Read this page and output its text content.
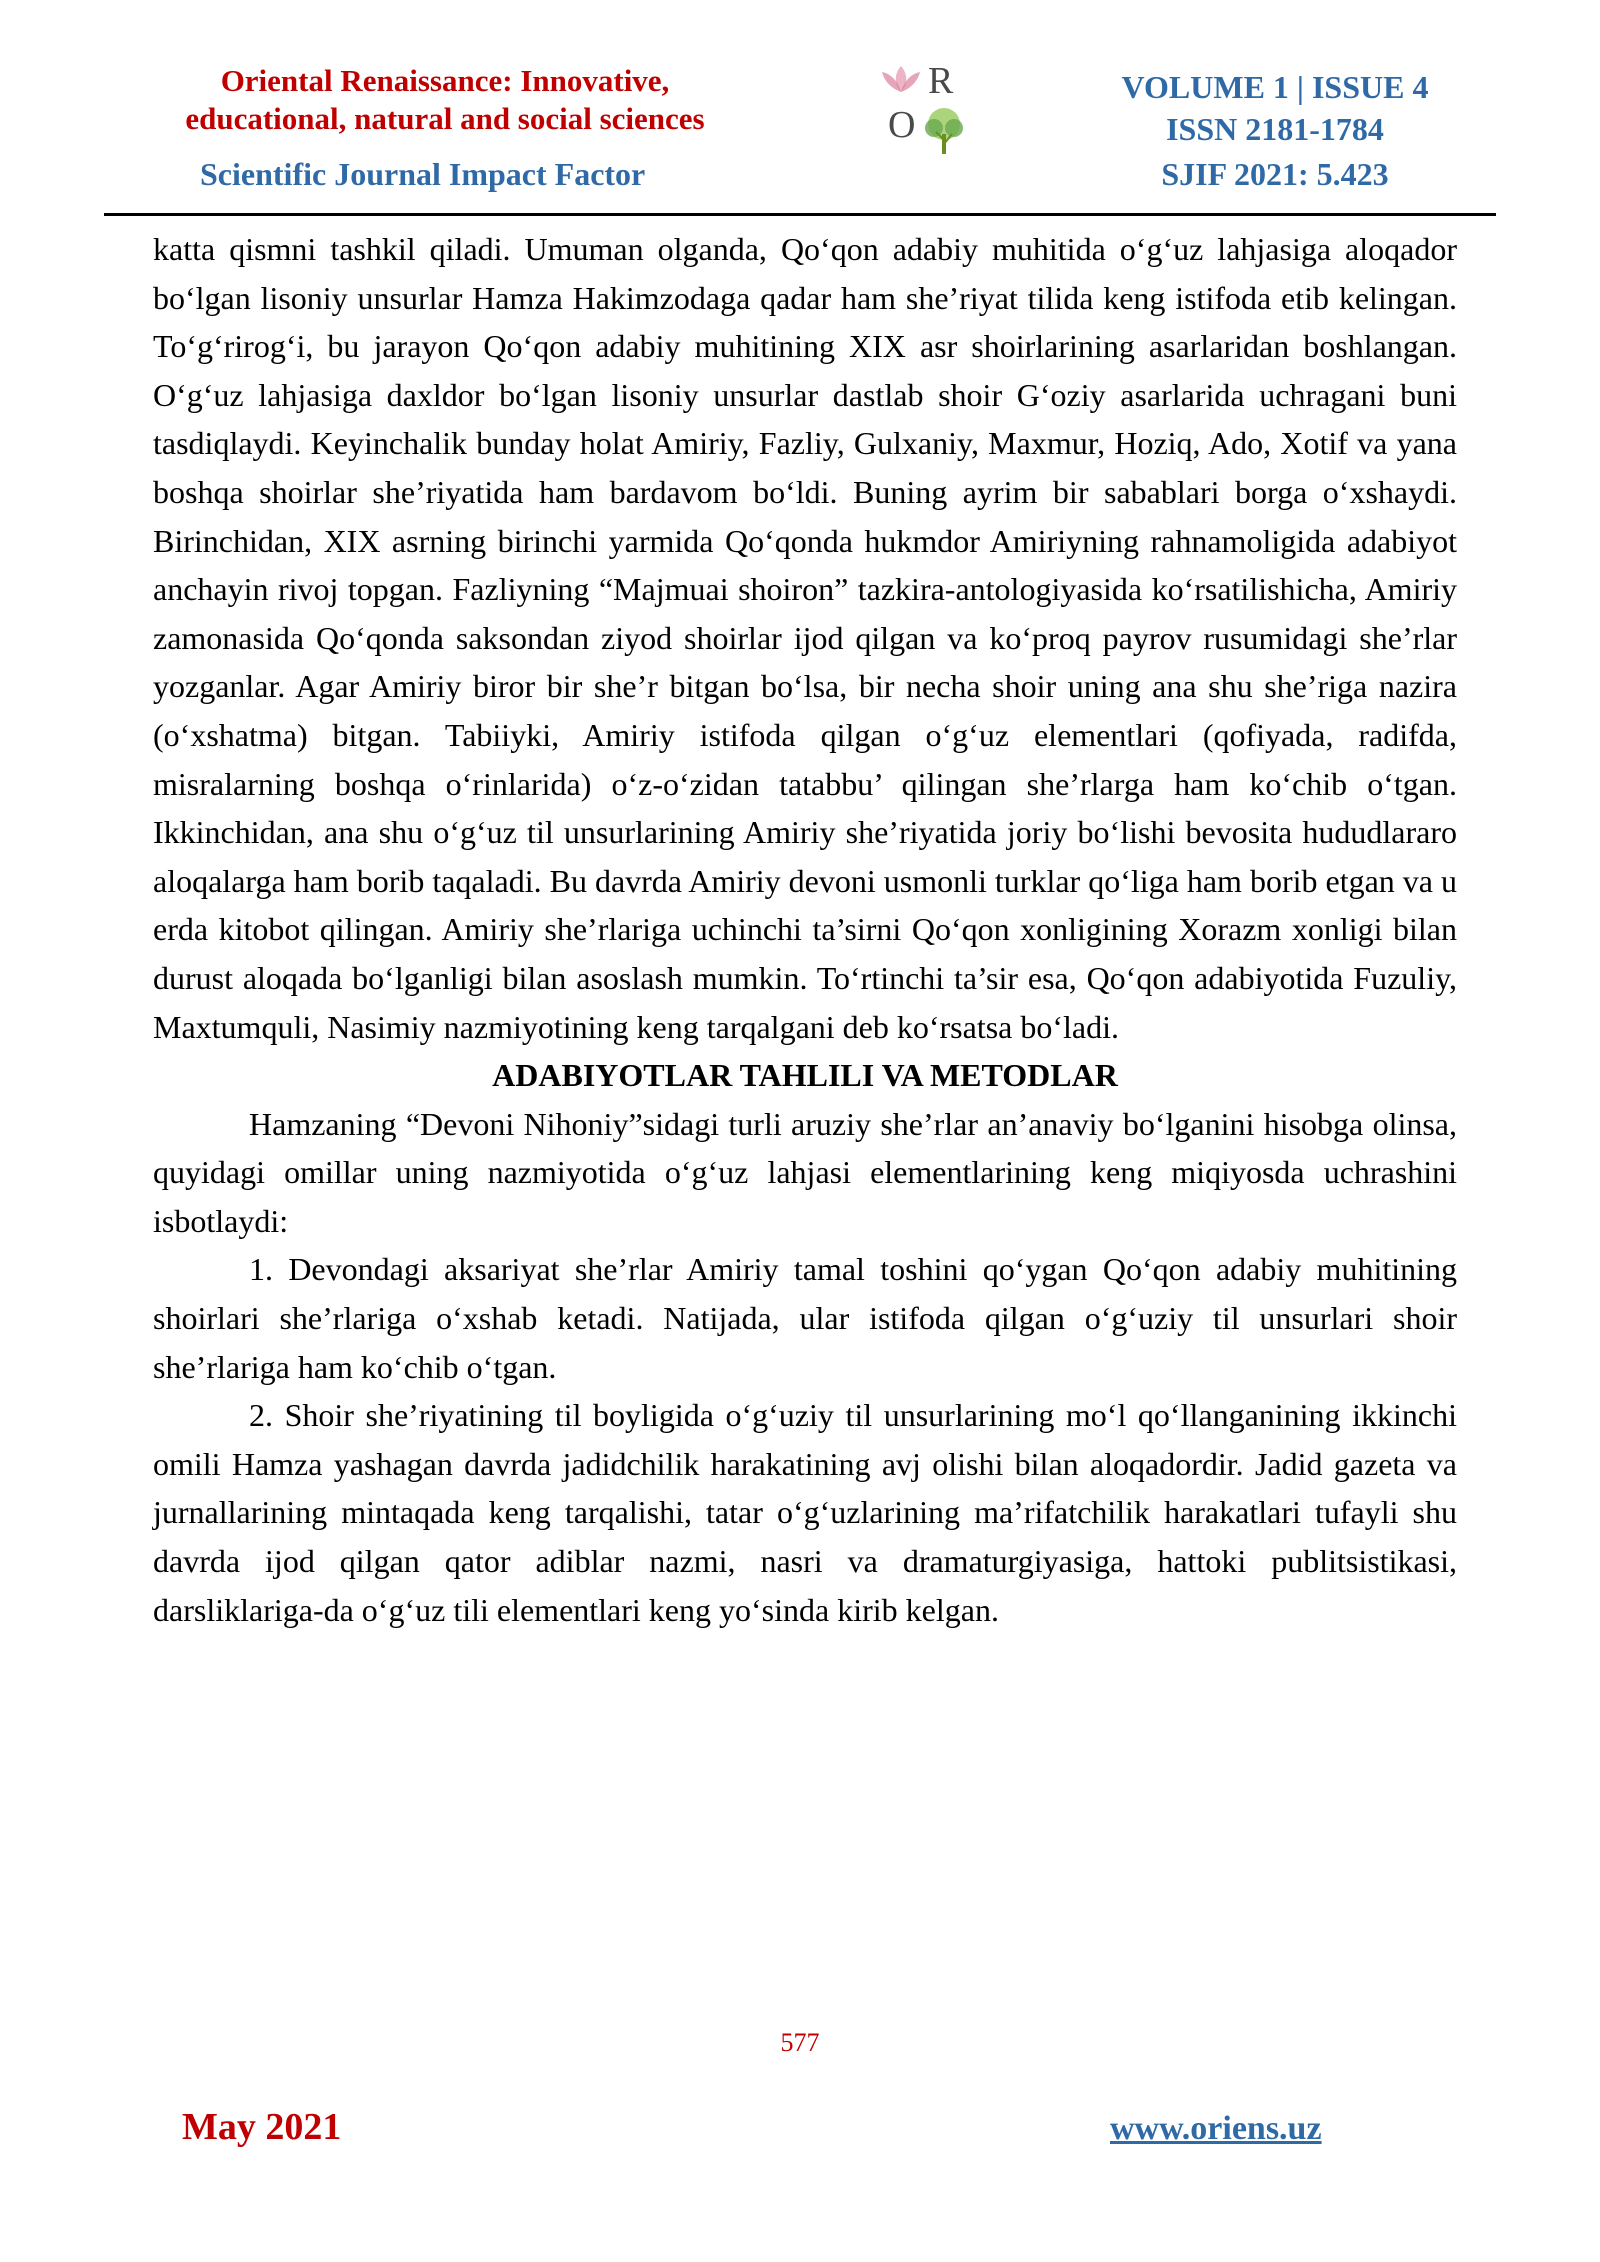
Oriental Renaissance: Innovative,
educational, natural and social sciences
Scientific Journal Impact Factor
R
O
VOLUME 1 | ISSUE 4
ISSN 2181-1784
SJIF 2021: 5.423

katta qismni tashkil qiladi. Umuman olganda, Qo‘qon adabiy muhitida o‘g‘uz lahjasiga aloqador bo‘lgan lisoniy unsurlar Hamza Hakimzodaga qadar ham she’riyat tilida keng istifoda etib kelingan. To‘g‘rirog‘i, bu jarayon Qo‘qon adabiy muhitining XIX asr shoirlarining asarlaridan boshlangan. O‘g‘uz lahjasiga daxldor bo‘lgan lisoniy unsurlar dastlab shoir G‘oziy asarlarida uchragani buni tasdiqlaydi. Keyinchalik bunday holat Amiriy, Fazliy, Gulxaniy, Maxmur, Hoziq, Ado, Xotif va yana boshqa shoirlar she’riyatida ham bardavom bo‘ldi. Buning ayrim bir sabablari borga o‘xshaydi. Birinchidan, XIX asrning birinchi yarmida Qo‘qonda hukmdor Amiriyning rahnamoligida adabiyot anchayin rivoj topgan. Fazliyning “Majmuai shoiron” tazkira-antologiyasida ko‘rsatilishicha, Amiriy zamonasida Qo‘qonda saksondan ziyod shoirlar ijod qilgan va ko‘proq payrov rusumidagi she’rlar yozganlar. Agar Amiriy biror bir she’r bitgan bo‘lsa, bir necha shoir uning ana shu she’riga nazira (o‘xshatma) bitgan. Tabiiyki, Amiriy istifoda qilgan o‘g‘uz elementlari (qofiyada, radifda, misralarning boshqa o‘rinlarida) o‘z-o‘zidan tatabbu’ qilingan she’rlarga ham ko‘chib o‘tgan. Ikkinchidan, ana shu o‘g‘uz til unsurlarining Amiriy she’riyatida joriy bo‘lishi bevosita hududlararo aloqalarga ham borib taqaladi. Bu davrda Amiriy devoni usmonli turklar qo‘liga ham borib etgan va u erda kitobot qilingan. Amiriy she’rlariga uchinchi ta’sirni Qo‘qon xonligining Xorazm xonligi bilan durust aloqada bo‘lganligi bilan asoslash mumkin. To‘rtinchi ta’sir esa, Qo‘qon adabiyotida Fuzuliy, Maxtumquli, Nasimiy nazmiyotining keng tarqalgani deb ko‘rsatsa bo‘ladi.

ADABIYOTLAR TAHLILI VA METODLAR

Hamzaning “Devoni Nihoniy”sidagi turli aruziy she’rlar an’anaviy bo‘lganini hisobga olinsa, quyidagi omillar uning nazmiyotida o‘g‘uz lahjasi elementlarining keng miqiyosda uchrashini isbotlaydi:

1. Devondagi aksariyat she’rlar Amiriy tamal toshini qo‘ygan Qo‘qon adabiy muhitining shoirlari she’rlariga o‘xshab ketadi. Natijada, ular istifoda qilgan o‘g‘uziy til unsurlari shoir she’rlariga ham ko‘chib o‘tgan.

2. Shoir she’riyatining til boyligida o‘g‘uziy til unsurlarining mo‘l qo‘llanganining ikkinchi omili Hamza yashagan davrda jadidchilik harakatining avj olishi bilan aloqadordir. Jadid gazeta va jurnallarining mintaqada keng tarqalishi, tatar o‘g‘uzlarining ma’rifatchilik harakatlari tufayli shu davrda ijod qilgan qator adiblar nazmi, nasri va dramaturgiyasiga, hattoki publitsistikasi, darsliklariga-da o‘g‘uz tili elementlari keng yo‘sinda kirib kelgan.

577
May 2021	www.oriens.uz
